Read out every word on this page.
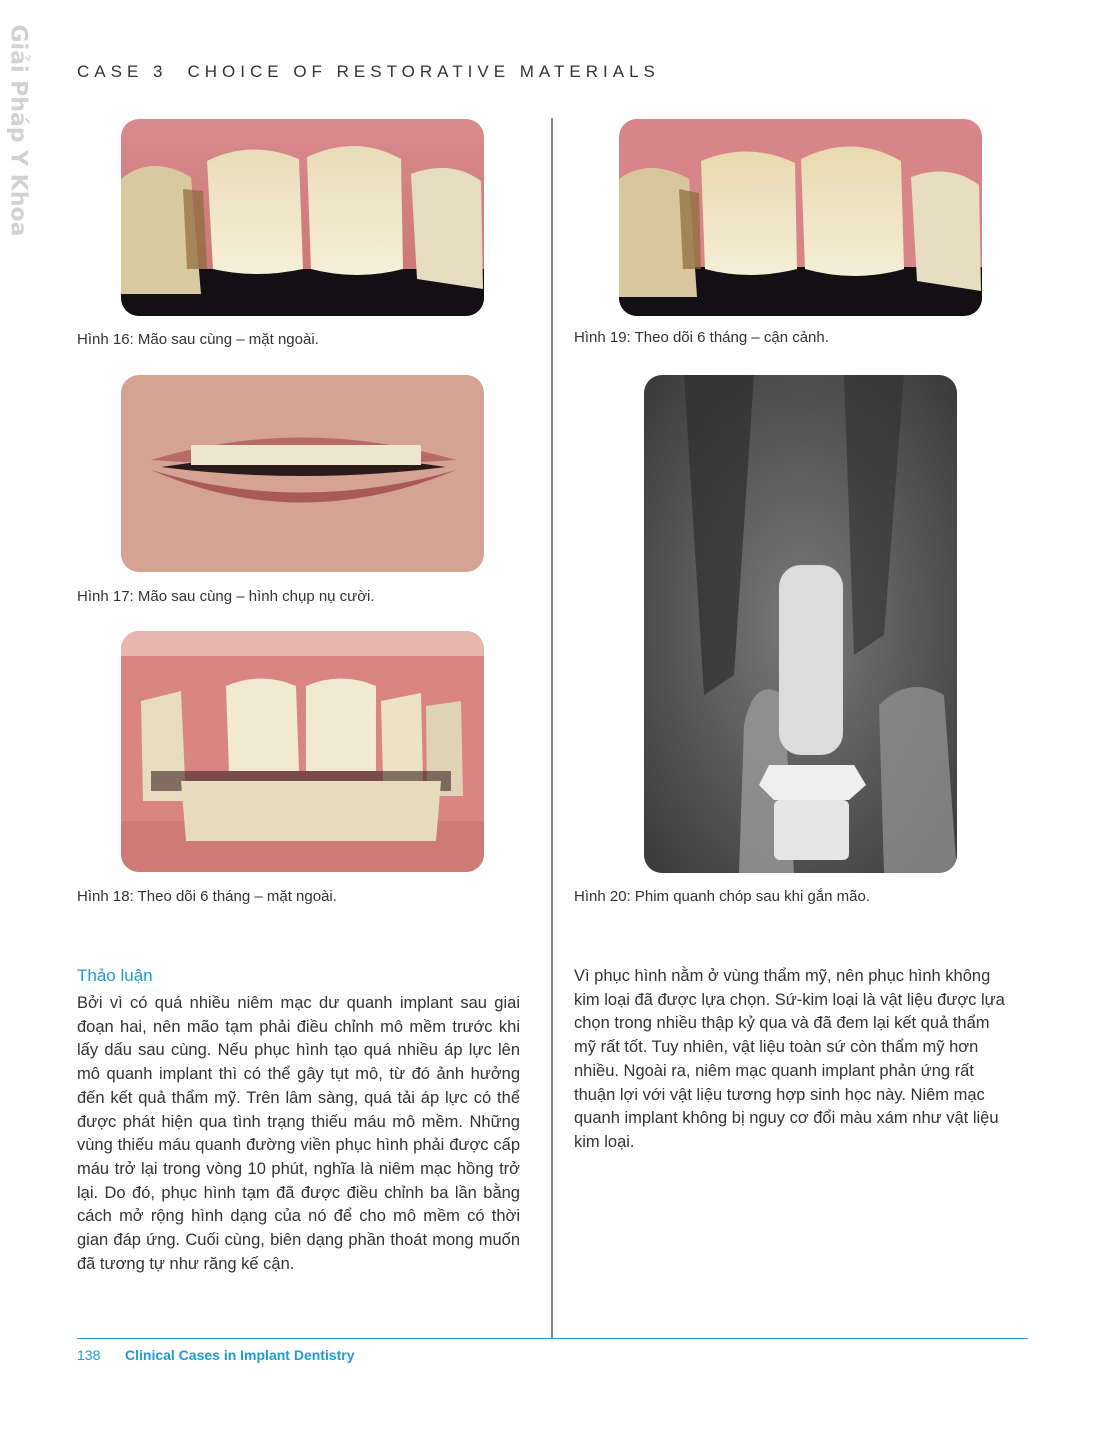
Giải Pháp Y Khoa	CASE 3 CHOICE OF RESTORATIVE MATERIALS
Hình 16: Mão sau cùng – mặt ngoài.
Hình 17: Mão sau cùng – hình chụp nụ cười.
Hình 18: Theo dõi 6 tháng – mặt ngoài.
Hình 19: Theo dõi 6 tháng – cận cảnh.
Hình 20: Phim quanh chóp sau khi gắn mão.
Thảo luận
Bởi vì có quá nhiều niêm mạc dư quanh implant sau giai đoạn hai, nên mão tạm phải điều chỉnh mô mềm trước khi lấy dấu sau cùng. Nếu phục hình tạo quá nhiều áp lực lên mô quanh implant thì có thể gây tụt mô, từ đó ảnh hưởng đến kết quả thẩm mỹ. Trên lâm sàng, quá tải áp lực có thể được phát hiện qua tình trạng thiếu máu mô mềm. Những vùng thiếu máu quanh đường viền phục hình phải được cấp máu trở lại trong vòng 10 phút, nghĩa là niêm mạc hồng trở lại. Do đó, phục hình tạm đã được điều chỉnh ba lần bằng cách mở rộng hình dạng của nó để cho mô mềm có thời gian đáp ứng. Cuối cùng, biên dạng phần thoát mong muốn đã tương tự như răng kế cận.
Vì phục hình nằm ở vùng thẩm mỹ, nên phục hình không kim loại đã được lựa chọn. Sứ-kim loại là vật liệu được lựa chọn trong nhiều thập kỷ qua và đã đem lại kết quả thẩm mỹ rất tốt. Tuy nhiên, vật liệu toàn sứ còn thẩm mỹ hơn nhiều. Ngoài ra, niêm mạc quanh implant phản ứng rất thuận lợi với vật liệu tương hợp sinh học này. Niêm mạc quanh implant không bị nguy cơ đổi màu xám như vật liệu kim loại.
138 Clinical Cases in Implant Dentistry
